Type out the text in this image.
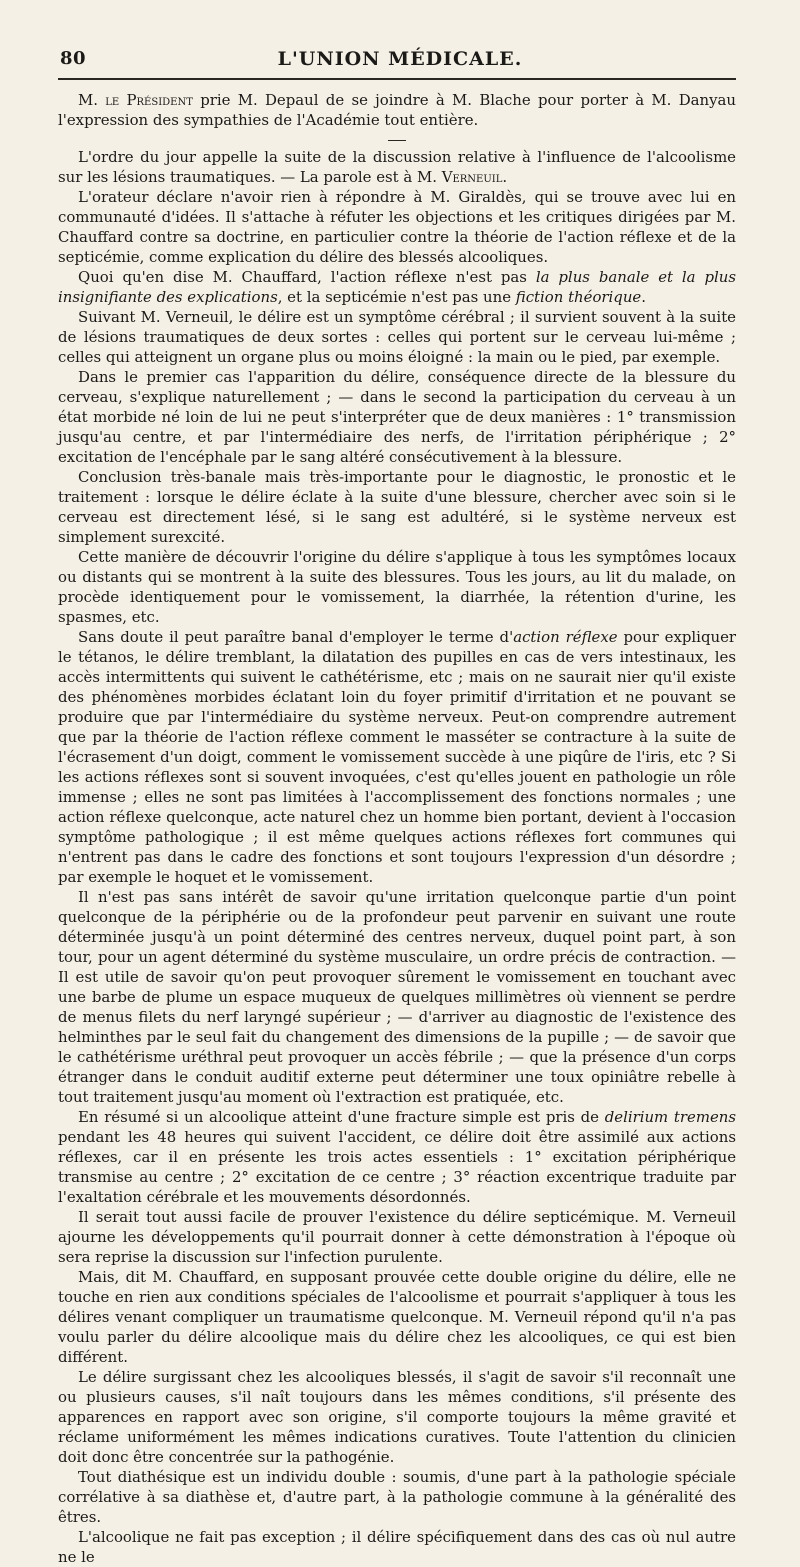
80	L'UNION MÉDICALE.

M. le Président prie M. Depaul de se joindre à M. Blache pour porter à M. Danyau l'expression des sympathies de l'Académie tout entière.

L'ordre du jour appelle la suite de la discussion relative à l'influence de l'alcoolisme sur les lésions traumatiques. — La parole est à M. Verneuil.

L'orateur déclare n'avoir rien à répondre à M. Giraldès, qui se trouve avec lui en communauté d'idées. Il s'attache à réfuter les objections et les critiques dirigées par M. Chauffard contre sa doctrine, en particulier contre la théorie de l'action réflexe et de la septicémie, comme explication du délire des blessés alcooliques.

Quoi qu'en dise M. Chauffard, l'action réflexe n'est pas la plus banale et la plus insignifiante des explications, et la septicémie n'est pas une fiction théorique.

Suivant M. Verneuil, le délire est un symptôme cérébral ; il survient souvent à la suite de lésions traumatiques de deux sortes : celles qui portent sur le cerveau lui-même ; celles qui atteignent un organe plus ou moins éloigné : la main ou le pied, par exemple.

Dans le premier cas l'apparition du délire, conséquence directe de la blessure du cerveau, s'explique naturellement ; — dans le second la participation du cerveau à un état morbide né loin de lui ne peut s'interpréter que de deux manières : 1° transmission jusqu'au centre, et par l'intermédiaire des nerfs, de l'irritation périphérique ; 2° excitation de l'encéphale par le sang altéré consécutivement à la blessure.

Conclusion très-banale mais très-importante pour le diagnostic, le pronostic et le traitement : lorsque le délire éclate à la suite d'une blessure, chercher avec soin si le cerveau est directement lésé, si le sang est adultéré, si le système nerveux est simplement surexcité.

Cette manière de découvrir l'origine du délire s'applique à tous les symptômes locaux ou distants qui se montrent à la suite des blessures. Tous les jours, au lit du malade, on procède identiquement pour le vomissement, la diarrhée, la rétention d'urine, les spasmes, etc.

Sans doute il peut paraître banal d'employer le terme d'action réflexe pour expliquer le tétanos, le délire tremblant, la dilatation des pupilles en cas de vers intestinaux, les accès intermittents qui suivent le cathétérisme, etc ; mais on ne saurait nier qu'il existe des phénomènes morbides éclatant loin du foyer primitif d'irritation et ne pouvant se produire que par l'intermédiaire du système nerveux. Peut-on comprendre autrement que par la théorie de l'action réflexe comment le masséter se contracture à la suite de l'écrasement d'un doigt, comment le vomissement succède à une piqûre de l'iris, etc ? Si les actions réflexes sont si souvent invoquées, c'est qu'elles jouent en pathologie un rôle immense ; elles ne sont pas limitées à l'accomplissement des fonctions normales ; une action réflexe quelconque, acte naturel chez un homme bien portant, devient à l'occasion symptôme pathologique ; il est même quelques actions réflexes fort communes qui n'entrent pas dans le cadre des fonctions et sont toujours l'expression d'un désordre ; par exemple le hoquet et le vomissement.

Il n'est pas sans intérêt de savoir qu'une irritation quelconque partie d'un point quelconque de la périphérie ou de la profondeur peut parvenir en suivant une route déterminée jusqu'à un point déterminé des centres nerveux, duquel point part, à son tour, pour un agent déterminé du système musculaire, un ordre précis de contraction. — Il est utile de savoir qu'on peut provoquer sûrement le vomissement en touchant avec une barbe de plume un espace muqueux de quelques millimètres où viennent se perdre de menus filets du nerf laryngé supérieur ; — d'arriver au diagnostic de l'existence des helminthes par le seul fait du changement des dimensions de la pupille ; — de savoir que le cathétérisme uréthral peut provoquer un accès fébrile ; — que la présence d'un corps étranger dans le conduit auditif externe peut déterminer une toux opiniâtre rebelle à tout traitement jusqu'au moment où l'extraction est pratiquée, etc.

En résumé si un alcoolique atteint d'une fracture simple est pris de delirium tremens pendant les 48 heures qui suivent l'accident, ce délire doit être assimilé aux actions réflexes, car il en présente les trois actes essentiels : 1° excitation périphérique transmise au centre ; 2° excitation de ce centre ; 3° réaction excentrique traduite par l'exaltation cérébrale et les mouvements désordonnés.

Il serait tout aussi facile de prouver l'existence du délire septicémique. M. Verneuil ajourne les développements qu'il pourrait donner à cette démonstration à l'époque où sera reprise la discussion sur l'infection purulente.

Mais, dit M. Chauffard, en supposant prouvée cette double origine du délire, elle ne touche en rien aux conditions spéciales de l'alcoolisme et pourrait s'appliquer à tous les délires venant compliquer un traumatisme quelconque. M. Verneuil répond qu'il n'a pas voulu parler du délire alcoolique mais du délire chez les alcooliques, ce qui est bien différent.

Le délire surgissant chez les alcooliques blessés, il s'agit de savoir s'il reconnaît une ou plusieurs causes, s'il naît toujours dans les mêmes conditions, s'il présente des apparences en rapport avec son origine, s'il comporte toujours la même gravité et réclame uniformément les mêmes indications curatives. Toute l'attention du clinicien doit donc être concentrée sur la pathogénie.

Tout diathésique est un individu double : soumis, d'une part à la pathologie spéciale corrélative à sa diathèse et, d'autre part, à la pathologie commune à la généralité des êtres.

L'alcoolique ne fait pas exception ; il délire spécifiquement dans des cas où nul autre ne le
